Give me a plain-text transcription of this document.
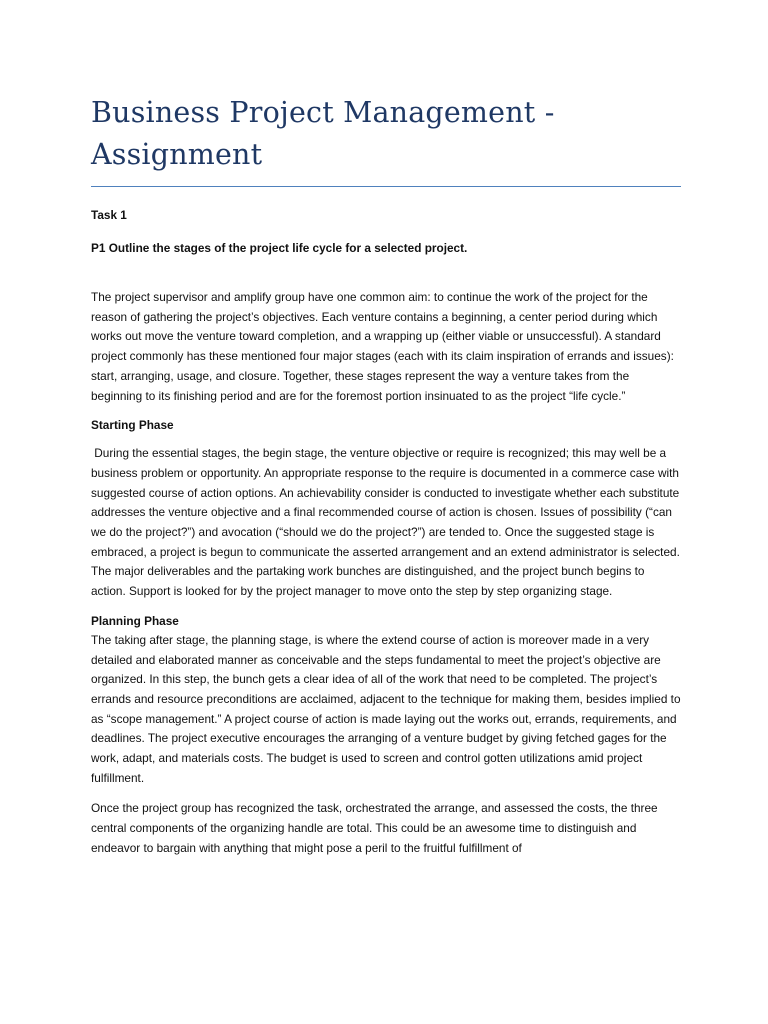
Business Project Management - Assignment

Task 1

P1 Outline the stages of the project life cycle for a selected project.

The project supervisor and amplify group have one common aim: to continue the work of the project for the reason of gathering the project’s objectives. Each venture contains a beginning, a center period during which works out move the venture toward completion, and a wrapping up (either viable or unsuccessful). A standard project commonly has these mentioned four major stages (each with its claim inspiration of errands and issues): start, arranging, usage, and closure. Together, these stages represent the way a venture takes from the beginning to its finishing period and are for the foremost portion insinuated to as the project “life cycle.”

Starting Phase

During the essential stages, the begin stage, the venture objective or require is recognized; this may well be a business problem or opportunity. An appropriate response to the require is documented in a commerce case with suggested course of action options. An achievability consider is conducted to investigate whether each substitute addresses the venture objective and a final recommended course of action is chosen. Issues of possibility (“can we do the project?”) and avocation (“should we do the project?”) are tended to. Once the suggested stage is embraced, a project is begun to communicate the asserted arrangement and an extend administrator is selected. The major deliverables and the partaking work bunches are distinguished, and the project bunch begins to action. Support is looked for by the project manager to move onto the step by step organizing stage.

Planning Phase

The taking after stage, the planning stage, is where the extend course of action is moreover made in a very detailed and elaborated manner as conceivable and the steps fundamental to meet the project’s objective are organized. In this step, the bunch gets a clear idea of all of the work that need to be completed. The project’s errands and resource preconditions are acclaimed, adjacent to the technique for making them, besides implied to as “scope management.” A project course of action is made laying out the works out, errands, requirements, and deadlines. The project executive encourages the arranging of a venture budget by giving fetched gages for the work, adapt, and materials costs. The budget is used to screen and control gotten utilizations amid project fulfillment.

Once the project group has recognized the task, orchestrated the arrange, and assessed the costs, the three central components of the organizing handle are total. This could be an awesome time to distinguish and endeavor to bargain with anything that might pose a peril to the fruitful fulfillment of
